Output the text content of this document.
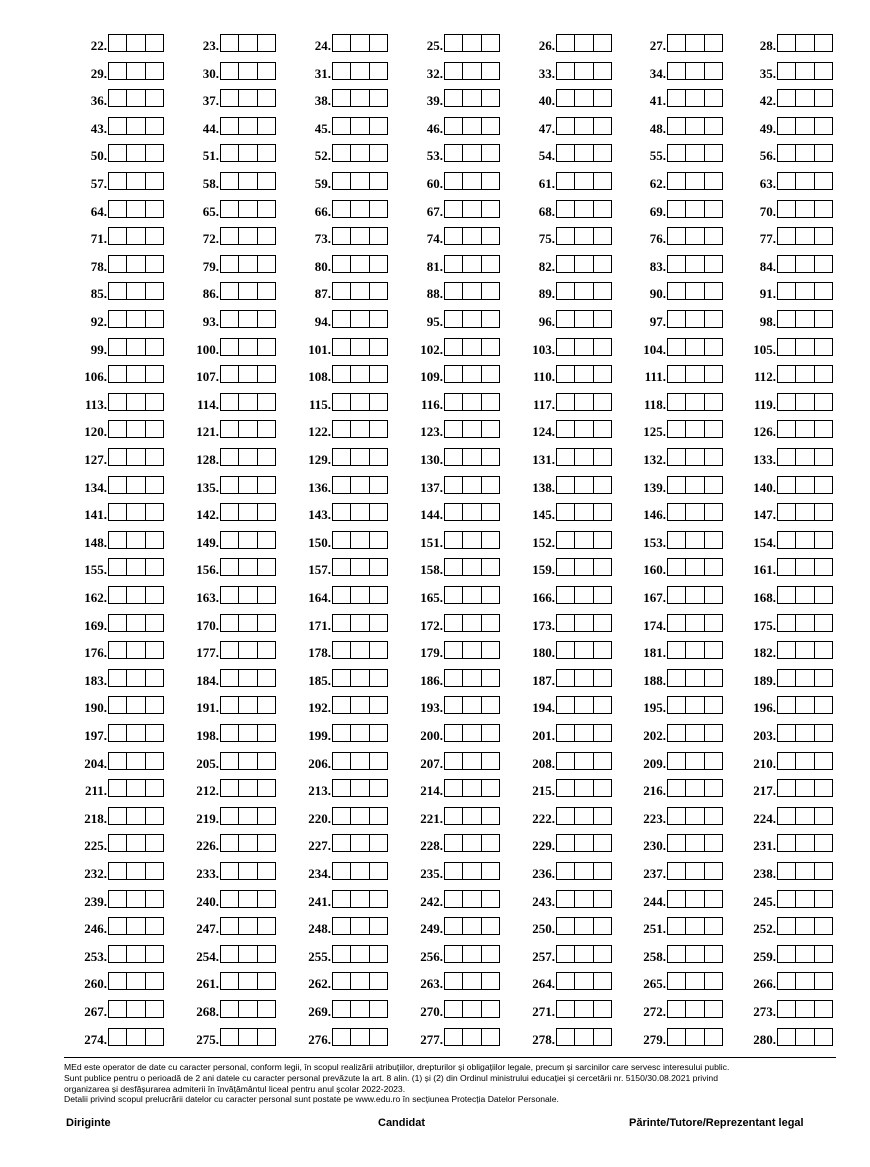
22.	23.	24.	25.	26.	27.	28.
29.	30.	31.	32.	33.	34.	35.
36.	37.	38.	39.	40.	41.	42.
43.	44.	45.	46.	47.	48.	49.
50.	51.	52.	53.	54.	55.	56.
57.	58.	59.	60.	61.	62.	63.
64.	65.	66.	67.	68.	69.	70.
71.	72.	73.	74.	75.	76.	77.
78.	79.	80.	81.	82.	83.	84.
85.	86.	87.	88.	89.	90.	91.
92.	93.	94.	95.	96.	97.	98.
99.	100.	101.	102.	103.	104.	105.
106.	107.	108.	109.	110.	111.	112.
113.	114.	115.	116.	117.	118.	119.
120.	121.	122.	123.	124.	125.	126.
127.	128.	129.	130.	131.	132.	133.
134.	135.	136.	137.	138.	139.	140.
141.	142.	143.	144.	145.	146.	147.
148.	149.	150.	151.	152.	153.	154.
155.	156.	157.	158.	159.	160.	161.
162.	163.	164.	165.	166.	167.	168.
169.	170.	171.	172.	173.	174.	175.
176.	177.	178.	179.	180.	181.	182.
183.	184.	185.	186.	187.	188.	189.
190.	191.	192.	193.	194.	195.	196.
197.	198.	199.	200.	201.	202.	203.
204.	205.	206.	207.	208.	209.	210.
211.	212.	213.	214.	215.	216.	217.
218.	219.	220.	221.	222.	223.	224.
225.	226.	227.	228.	229.	230.	231.
232.	233.	234.	235.	236.	237.	238.
239.	240.	241.	242.	243.	244.	245.
246.	247.	248.	249.	250.	251.	252.
253.	254.	255.	256.	257.	258.	259.
260.	261.	262.	263.	264.	265.	266.
267.	268.	269.	270.	271.	272.	273.
274.	275.	276.	277.	278.	279.	280.

MEd este operator de date cu caracter personal, conform legii, în scopul realizării atribuțiilor, drepturilor și obligațiilor legale, precum și sarcinilor care servesc interesului public.

Sunt publice pentru o perioadă de 2 ani datele cu caracter personal prevăzute la art. 8 alin. (1) și (2) din Ordinul ministrului educației și cercetării nr. 5150/30.08.2021 privind

organizarea și desfășurarea admiterii în învățământul liceal pentru anul școlar 2022-2023.

Detalii privind scopul prelucrării datelor cu caracter personal sunt postate pe www.edu.ro în secțiunea Protecția Datelor Personale.

Diriginte	Candidat	Părinte/Tutore/Reprezentant legal
